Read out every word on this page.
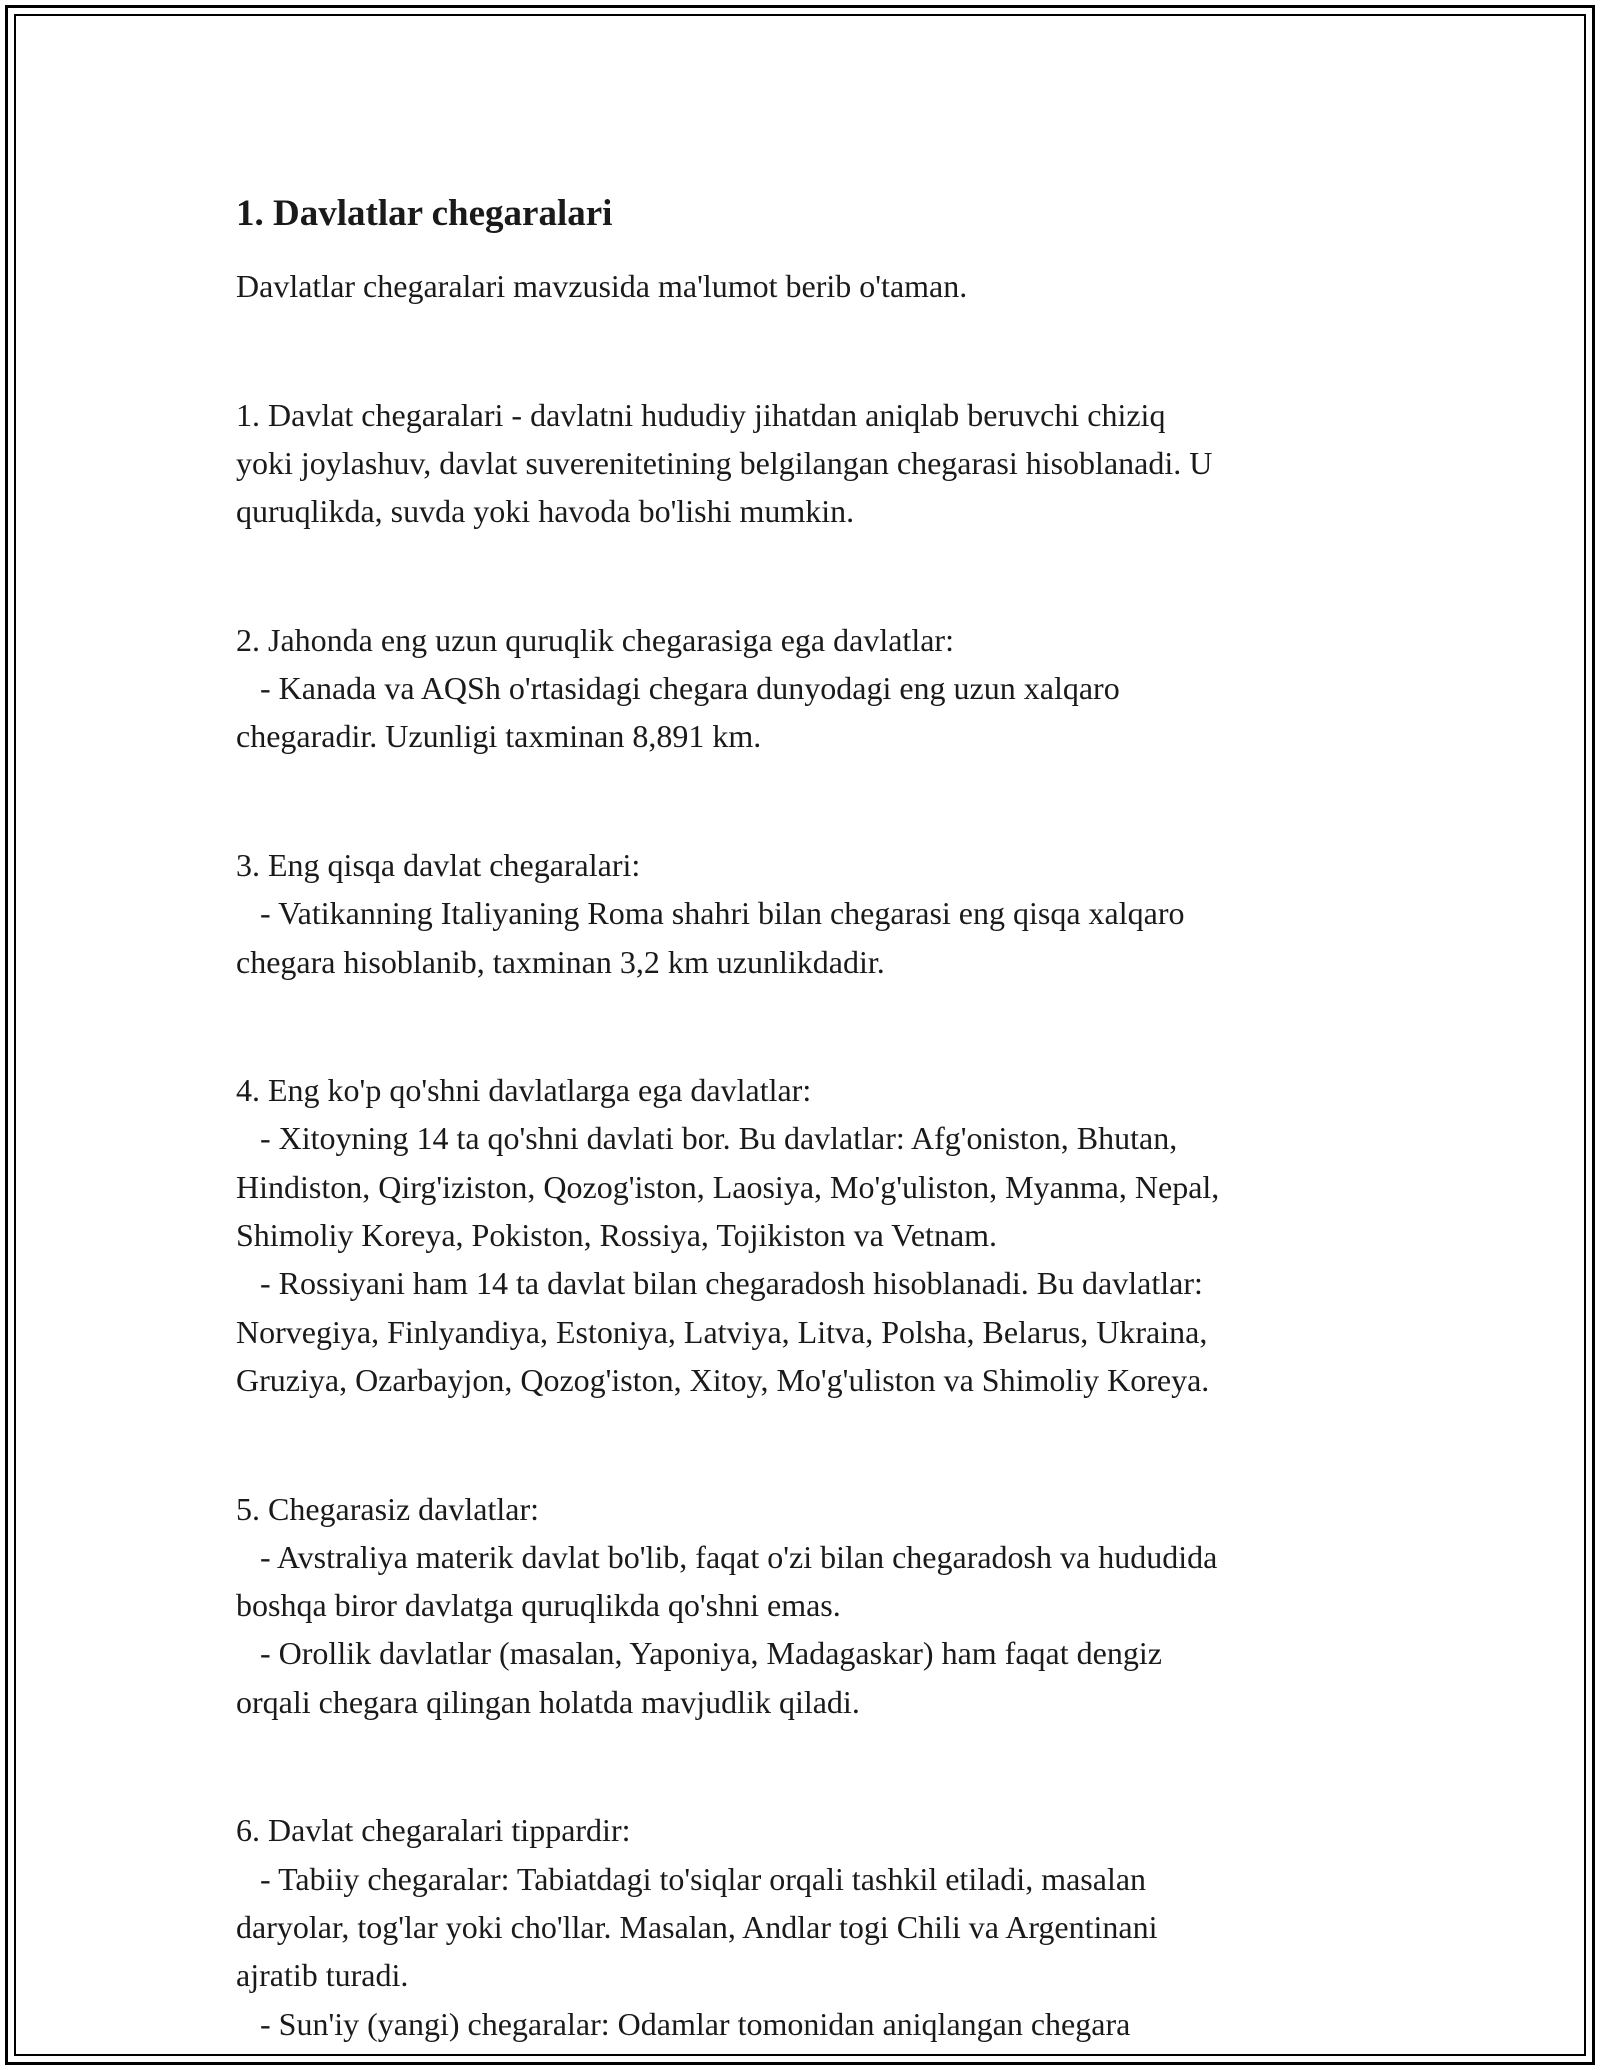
1. Davlatlar chegaralari

Davlatlar chegaralari mavzusida ma'lumot berib o'taman.

1. Davlat chegaralari - davlatni hududiy jihatdan aniqlab beruvchi chiziq

yoki joylashuv, davlat suverenitetining belgilangan chegarasi hisoblanadi. U

quruqlikda, suvda yoki havoda bo'lishi mumkin.

2. Jahonda eng uzun quruqlik chegarasiga ega davlatlar:

- Kanada va AQSh o'rtasidagi chegara dunyodagi eng uzun xalqaro

chegaradir. Uzunligi taxminan 8,891 km.

3. Eng qisqa davlat chegaralari:

- Vatikanning Italiyaning Roma shahri bilan chegarasi eng qisqa xalqaro

chegara hisoblanib, taxminan 3,2 km uzunlikdadir.

4. Eng ko'p qo'shni davlatlarga ega davlatlar:

- Xitoyning 14 ta qo'shni davlati bor. Bu davlatlar: Afg'oniston, Bhutan,

Hindiston, Qirg'iziston, Qozog'iston, Laosiya, Mo'g'uliston, Myanma, Nepal,

Shimoliy Koreya, Pokiston, Rossiya, Tojikiston va Vetnam.

- Rossiyani ham 14 ta davlat bilan chegaradosh hisoblanadi. Bu davlatlar:

Norvegiya, Finlyandiya, Estoniya, Latviya, Litva, Polsha, Belarus, Ukraina,

Gruziya, Ozarbayjon, Qozog'iston, Xitoy, Mo'g'uliston va Shimoliy Koreya.

5. Chegarasiz davlatlar:

- Avstraliya materik davlat bo'lib, faqat o'zi bilan chegaradosh va hududida

boshqa biror davlatga quruqlikda qo'shni emas.

- Orollik davlatlar (masalan, Yaponiya, Madagaskar) ham faqat dengiz

orqali chegara qilingan holatda mavjudlik qiladi.

6. Davlat chegaralari tippardir:

- Tabiiy chegaralar: Tabiatdagi to'siqlar orqali tashkil etiladi, masalan

daryolar, tog'lar yoki cho'llar. Masalan, Andlar togi Chili va Argentinani

ajratib turadi.

- Sun'iy (yangi) chegaralar: Odamlar tomonidan aniqlangan chegara
